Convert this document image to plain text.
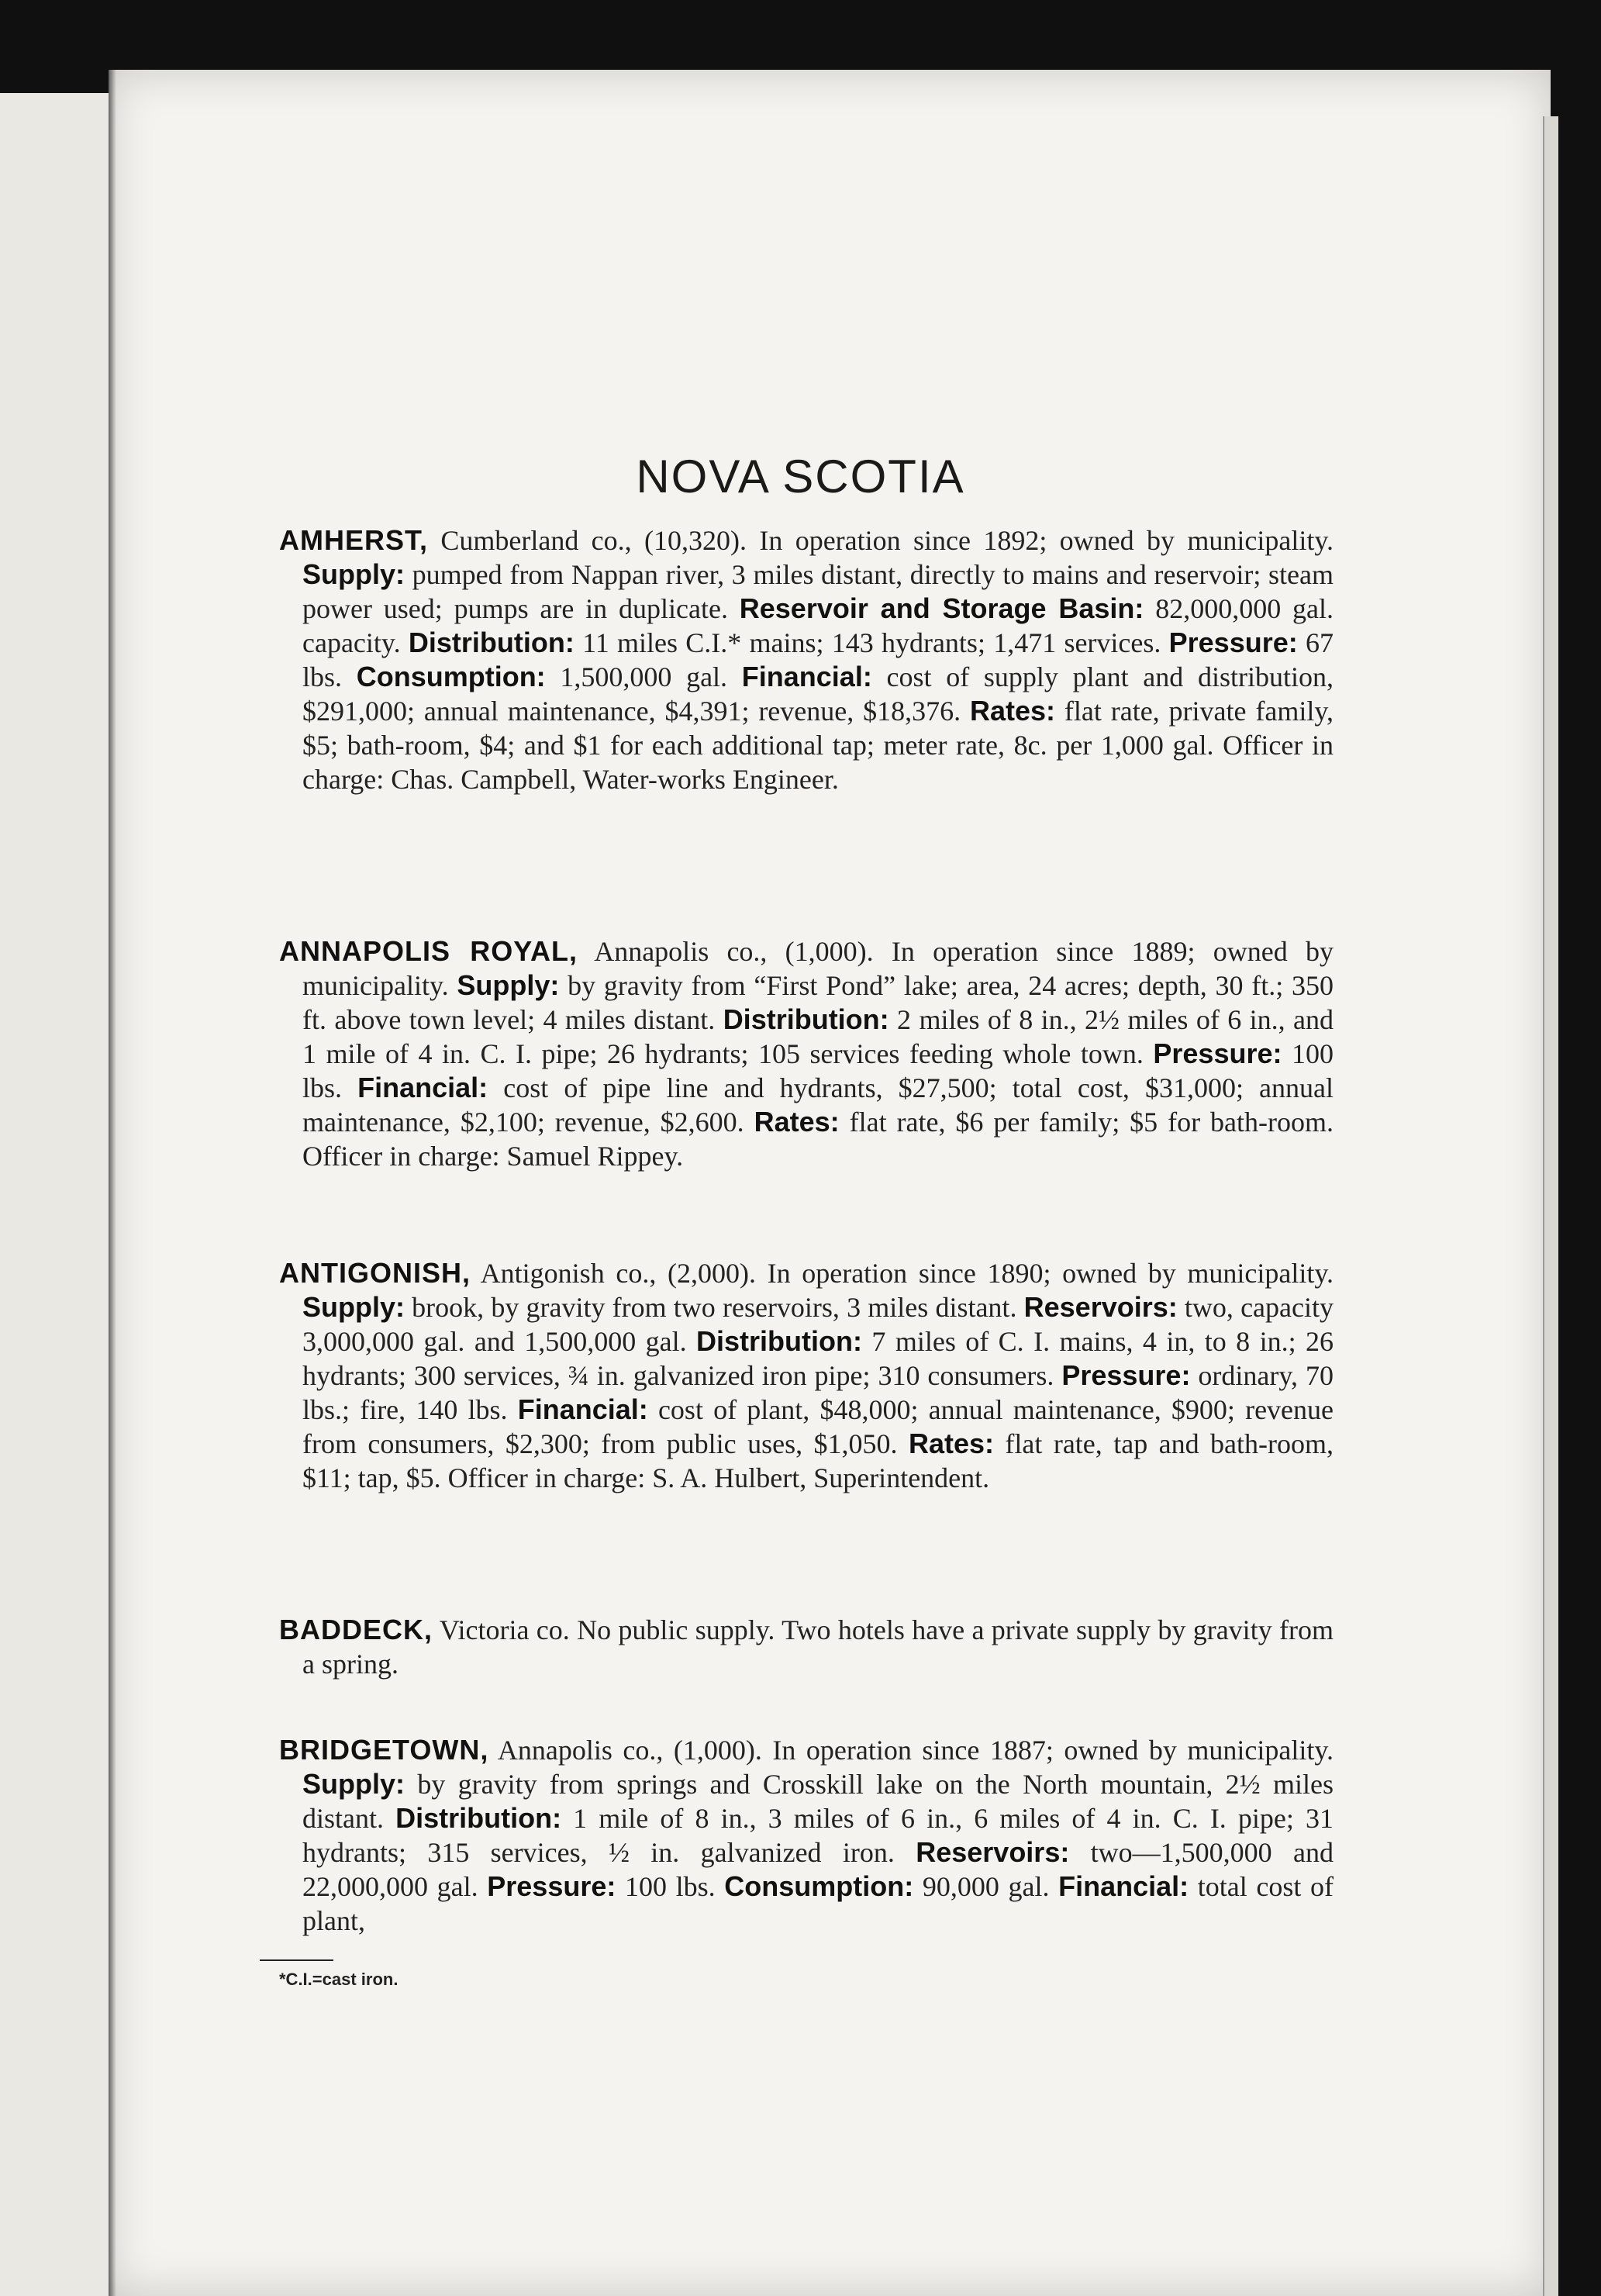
NOVA SCOTIA
AMHERST, Cumberland co., (10,320). In operation since 1892; owned by municipality. Supply: pumped from Nappan river, 3 miles distant, directly to mains and reservoir; steam power used; pumps are in duplicate. Reservoir and Storage Basin: 82,000,000 gal. capacity. Distribution: 11 miles C.I.* mains; 143 hydrants; 1,471 services. Pressure: 67 lbs. Consumption: 1,500,000 gal. Financial: cost of supply plant and distribution, $291,000; annual maintenance, $4,391; revenue, $18,376. Rates: flat rate, private family, $5; bath-room, $4; and $1 for each additional tap; meter rate, 8c. per 1,000 gal. Officer in charge: Chas. Campbell, Water-works Engineer.
ANNAPOLIS ROYAL, Annapolis co., (1,000). In operation since 1889; owned by municipality. Supply: by gravity from “First Pond” lake; area, 24 acres; depth, 30 ft.; 350 ft. above town level; 4 miles distant. Distribution: 2 miles of 8 in., 2½ miles of 6 in., and 1 mile of 4 in. C. I. pipe; 26 hydrants; 105 services feeding whole town. Pressure: 100 lbs. Financial: cost of pipe line and hydrants, $27,500; total cost, $31,000; annual maintenance, $2,100; revenue, $2,600. Rates: flat rate, $6 per family; $5 for bath-room. Officer in charge: Samuel Rippey.
ANTIGONISH, Antigonish co., (2,000). In operation since 1890; owned by municipality. Supply: brook, by gravity from two reservoirs, 3 miles distant. Reservoirs: two, capacity 3,000,000 gal. and 1,500,000 gal. Distribution: 7 miles of C. I. mains, 4 in, to 8 in.; 26 hydrants; 300 services, ¾ in. galvanized iron pipe; 310 consumers. Pressure: ordinary, 70 lbs.; fire, 140 lbs. Financial: cost of plant, $48,000; annual maintenance, $900; revenue from consumers, $2,300; from public uses, $1,050. Rates: flat rate, tap and bath-room, $11; tap, $5. Officer in charge: S. A. Hulbert, Superintendent.
BADDECK, Victoria co. No public supply. Two hotels have a private supply by gravity from a spring.
BRIDGETOWN, Annapolis co., (1,000). In operation since 1887; owned by municipality. Supply: by gravity from springs and Crosskill lake on the North mountain, 2½ miles distant. Distribution: 1 mile of 8 in., 3 miles of 6 in., 6 miles of 4 in. C. I. pipe; 31 hydrants; 315 services, ½ in. galvanized iron. Reservoirs: two—1,500,000 and 22,000,000 gal. Pressure: 100 lbs. Consumption: 90,000 gal. Financial: total cost of plant,
*C.I.=cast iron.
